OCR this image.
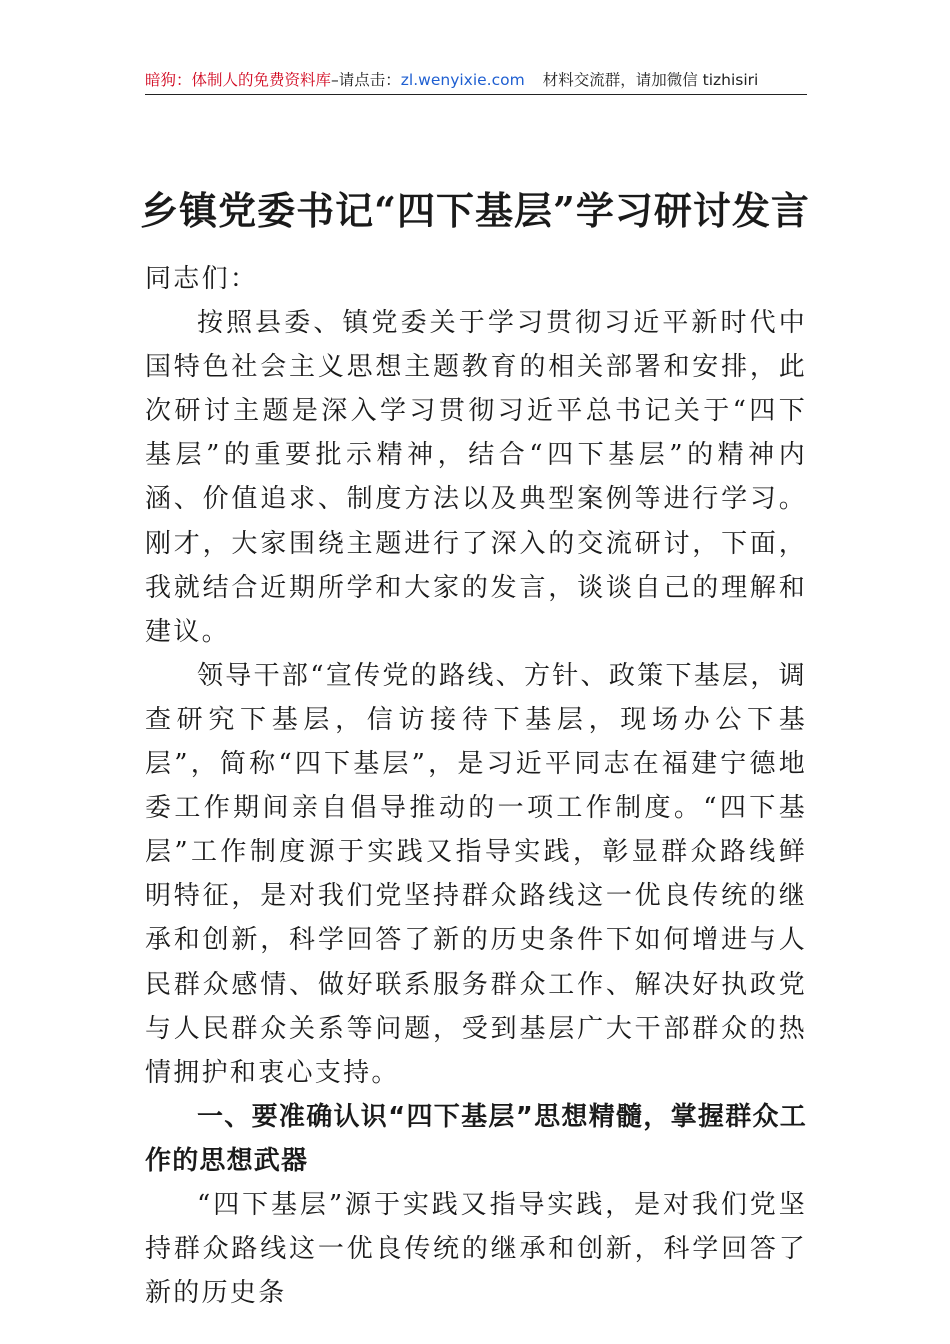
暗狗：体制人的免费资料库–请点击：zl.wenyixie.com 材料交流群，请加微信 tizhisiri
乡镇党委书记“四下基层”学习研讨发言

同志们：

按照县委、镇党委关于学习贯彻习近平新时代中国特色社会主义思想主题教育的相关部署和安排，此次研讨主题是深入学习贯彻习近平总书记关于“四下基层”的重要批示精神，结合“四下基层”的精神内涵、价值追求、制度方法以及典型案例等进行学习。刚才，大家围绕主题进行了深入的交流研讨，下面，我就结合近期所学和大家的发言，谈谈自己的理解和建议。

领导干部“宣传党的路线、方针、政策下基层，调查研究下基层，信访接待下基层，现场办公下基层”，简称“四下基层”，是习近平同志在福建宁德地委工作期间亲自倡导推动的一项工作制度。“四下基层”工作制度源于实践又指导实践，彰显群众路线鲜明特征，是对我们党坚持群众路线这一优良传统的继承和创新，科学回答了新的历史条件下如何增进与人民群众感情、做好联系服务群众工作、解决好执政党与人民群众关系等问题，受到基层广大干部群众的热情拥护和衷心支持。

一、要准确认识“四下基层”思想精髓，掌握群众工作的思想武器

“四下基层”源于实践又指导实践，是对我们党坚持群众路线这一优良传统的继承和创新，科学回答了新的历史条
